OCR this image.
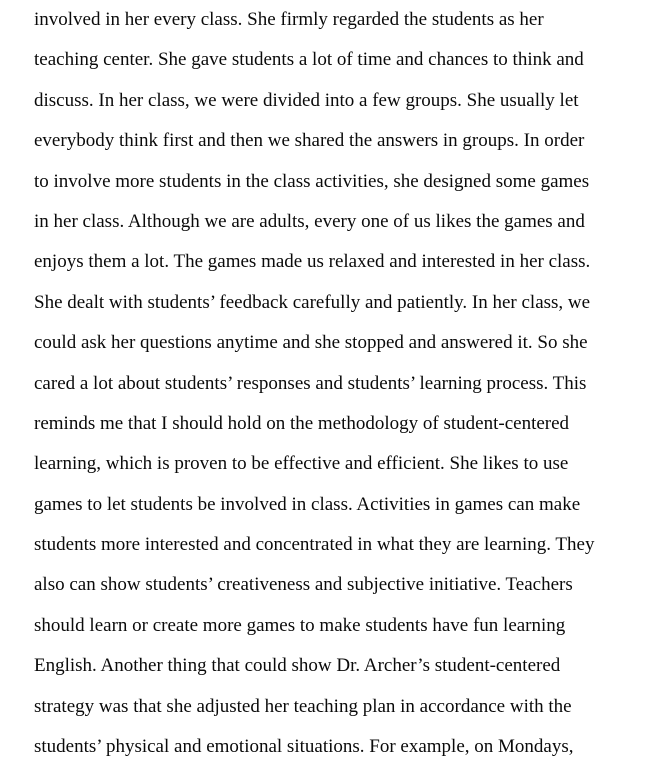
involved in her every class. She firmly regarded the students as her

teaching center. She gave students a lot of time and chances to think and

discuss. In her class, we were divided into a few groups. She usually let

everybody think first and then we shared the answers in groups. In order

to involve more students in the class activities, she designed some games

in her class. Although we are adults, every one of us likes the games and

enjoys them a lot. The games made us relaxed and interested in her class.

She dealt with students’ feedback carefully and patiently. In her class, we

could ask her questions anytime and she stopped and answered it. So she

cared a lot about students’ responses and students’ learning process. This

reminds me that I should hold on the methodology of student-centered

learning, which is proven to be effective and efficient. She likes to use

games to let students be involved in class. Activities in games can make

students more interested and concentrated in what they are learning. They

also can show students’ creativeness and subjective initiative. Teachers

should learn or create more games to make students have fun learning

English. Another thing that could show Dr. Archer’s student-centered

strategy was that she adjusted her teaching plan in accordance with the

students’ physical and emotional situations. For example, on Mondays,
